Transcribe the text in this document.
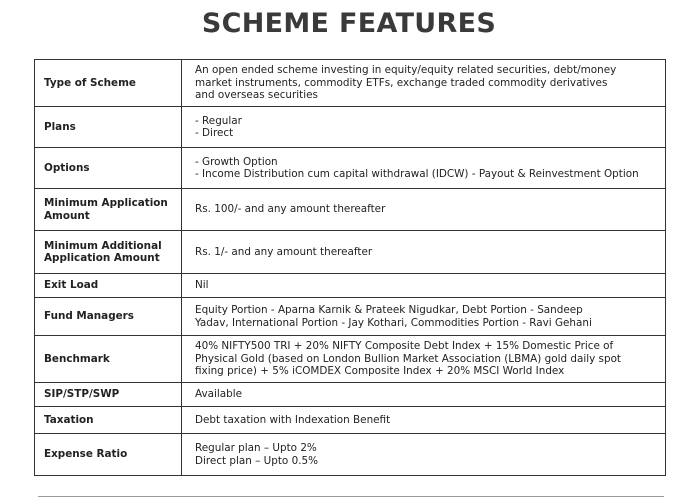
SCHEME FEATURES
Type of Scheme	An open ended scheme investing in equity/equity related securities, debt/money
market instruments, commodity ETFs, exchange traded commodity derivatives
and overseas securities

Plans	- Regular
- Direct

Options	- Growth Option
- Income Distribution cum capital withdrawal (IDCW) - Payout & Reinvestment Option

Minimum Application Amount	Rs. 100/- and any amount thereafter

Minimum Additional Application Amount	Rs. 1/- and any amount thereafter

Exit Load	Nil

Fund Managers	Equity Portion - Aparna Karnik & Prateek Nigudkar, Debt Portion - Sandeep
Yadav, International Portion - Jay Kothari, Commodities Portion - Ravi Gehani

Benchmark	40% NIFTY500 TRI + 20% NIFTY Composite Debt Index + 15% Domestic Price of
Physical Gold (based on London Bullion Market Association (LBMA) gold daily spot
fixing price) + 5% iCOMDEX Composite Index + 20% MSCI World Index

SIP/STP/SWP	Available

Taxation	Debt taxation with Indexation Benefit

Expense Ratio	Regular plan – Upto 2%
Direct plan – Upto 0.5%
